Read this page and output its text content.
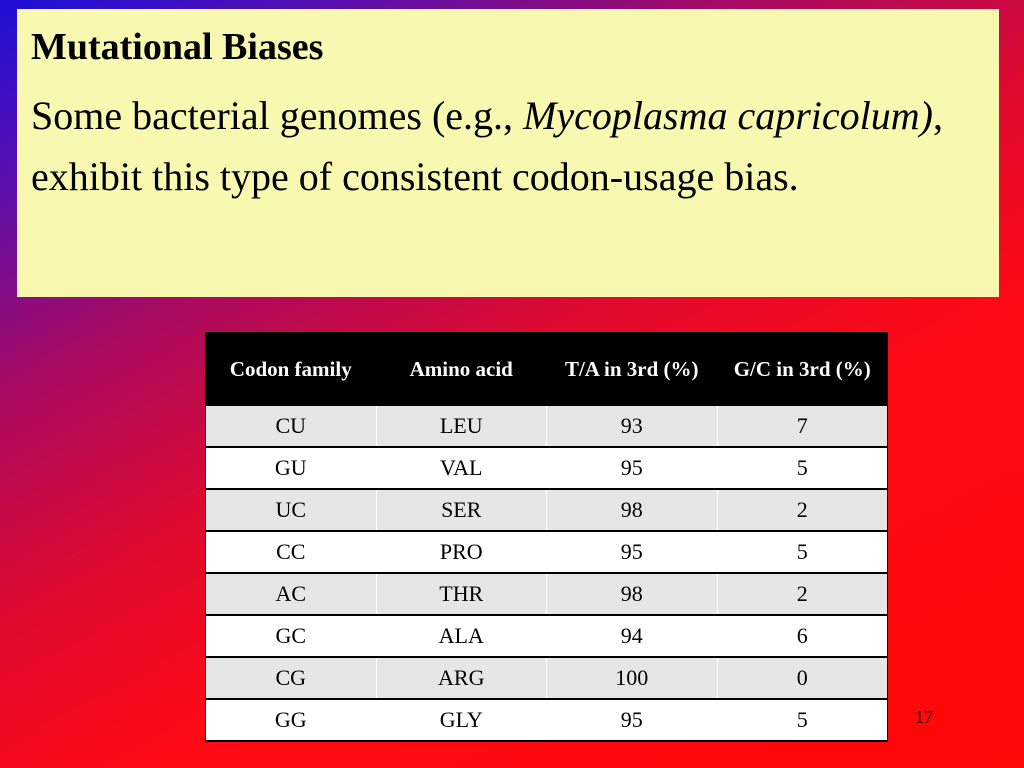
Mutational Biases
Some bacterial genomes (e.g., Mycoplasma capricolum), exhibit this type of consistent codon-usage bias.
Codon family	Amino acid	T/A in 3rd (%)	G/C in 3rd (%)
CU	LEU	93	7
GU	VAL	95	5
UC	SER	98	2
CC	PRO	95	5
AC	THR	98	2
GC	ALA	94	6
CG	ARG	100	0
GG	GLY	95	5	17
